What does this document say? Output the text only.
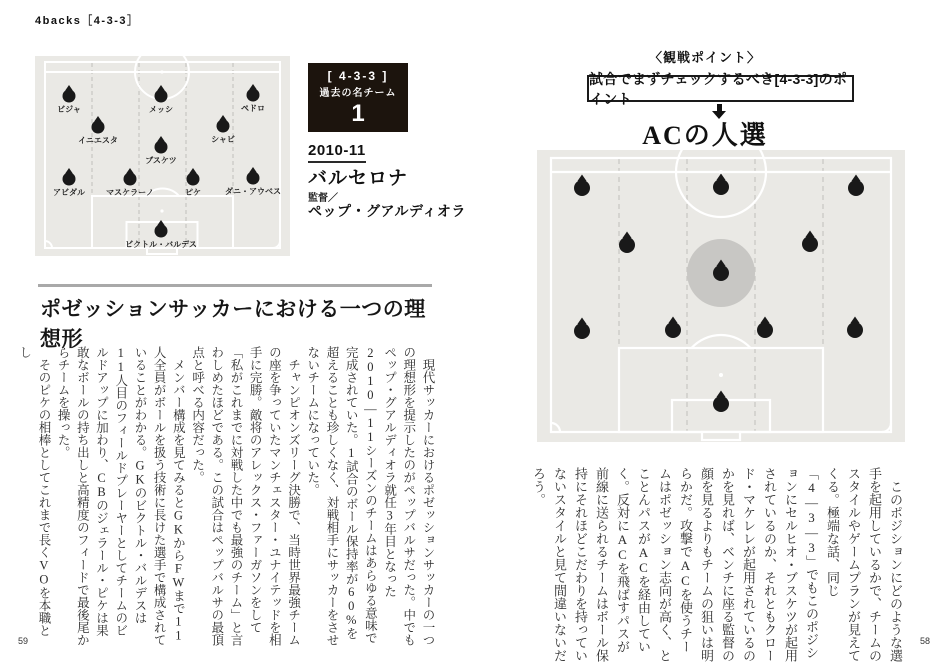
4backs［4-3-3］
ビジャ	メッシ	ペドロ
イニエスタ	シャビ
ブスケツ
アビダル	マスケラーノ	ピケ	ダニ・アウベス
ビクトル・バルデス
[ 4-3-3 ]
過去の名チーム
1
2010-11
バルセロナ
監督／
ペップ・グアルディオラ
ポゼッションサッカーにおける一つの理想形

　現代サッカーにおけるポゼッションサッカーの一つの理想形を提示したのがペップバルサだった。中でもペップ・グアルディオラ就任3年目となった2010―11シーズンのチームはあらゆる意味で完成されていた。1試合のボール保持率が60%を超えることも珍しくなく、対戦相手にサッカーをさせないチームになっていた。

　チャンピオンズリーグ決勝で、当時世界最強チームの座を争っていたマンチェスター・ユナイテッドを相手に完勝。敵将のアレックス・ファーガソンをして「私がこれまでに対戦した中でも最強のチーム」と言わしめたほどである。この試合はペップバルサの最頂点と呼べる内容だった。

　メンバー構成を見てみるとGKからFWまで11人全員がボールを扱う技術に長けた選手で構成されていることがわかる。GKのビクトル・バルデスは11人目のフィールドプレーヤーとしてチームのビルドアップに加わり、CBのジェラール・ピケは果敢なボールの持ち出しと高精度のフィードで最後尾からチームを操った。

　そのピケの相棒としてこれまで長くVOを本職とし

59
〈観戦ポイント〉
試合でまずチェックするべき[4-3-3]のポイント
ACの人選

　このポジションにどのような選手を起用しているかで、チームのスタイルやゲームプランが見えてくる。極端な話、同じ「4―3―3」でもこのポジションにセルヒオ・ブスケツが起用されているのか、それともクロード・マケレレが起用されているのかを見れば、ベンチに座る監督の顔を見るよりもチームの狙いは明らかだ。攻撃でACを使うチームはポゼッション志向が高く、とことんパスがACを経由していく。反対にACを飛ばすパスが前線に送られるチームはボール保持にそれほどこだわりを持っていないスタイルと見て間違いないだろう。

58
